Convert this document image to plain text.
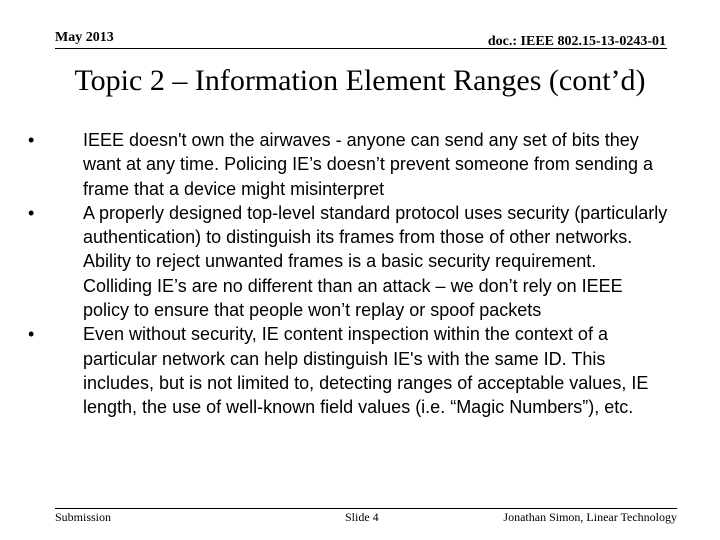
May 2013	doc.: IEEE 802.15-13-0243-01
Topic 2 – Information Element Ranges (cont’d)

•	IEEE doesn't own the airwaves - anyone can send any set of bits they want at any time. Policing IE’s doesn’t prevent someone from sending a frame that a device might misinterpret

•	A properly designed top-level standard protocol uses security (particularly authentication) to distinguish its frames from those of other networks. Ability to reject unwanted frames is a basic security requirement. Colliding IE’s are no different than an attack – we don’t rely on IEEE policy to ensure that people won’t replay or spoof packets

•	Even without security, IE content inspection within the context of a particular network can help distinguish IE's with the same ID. This includes, but is not limited to, detecting ranges of acceptable values, IE length, the use of well-known field values (i.e. “Magic Numbers”), etc.

Submission	Slide 4	Jonathan Simon, Linear Technology
